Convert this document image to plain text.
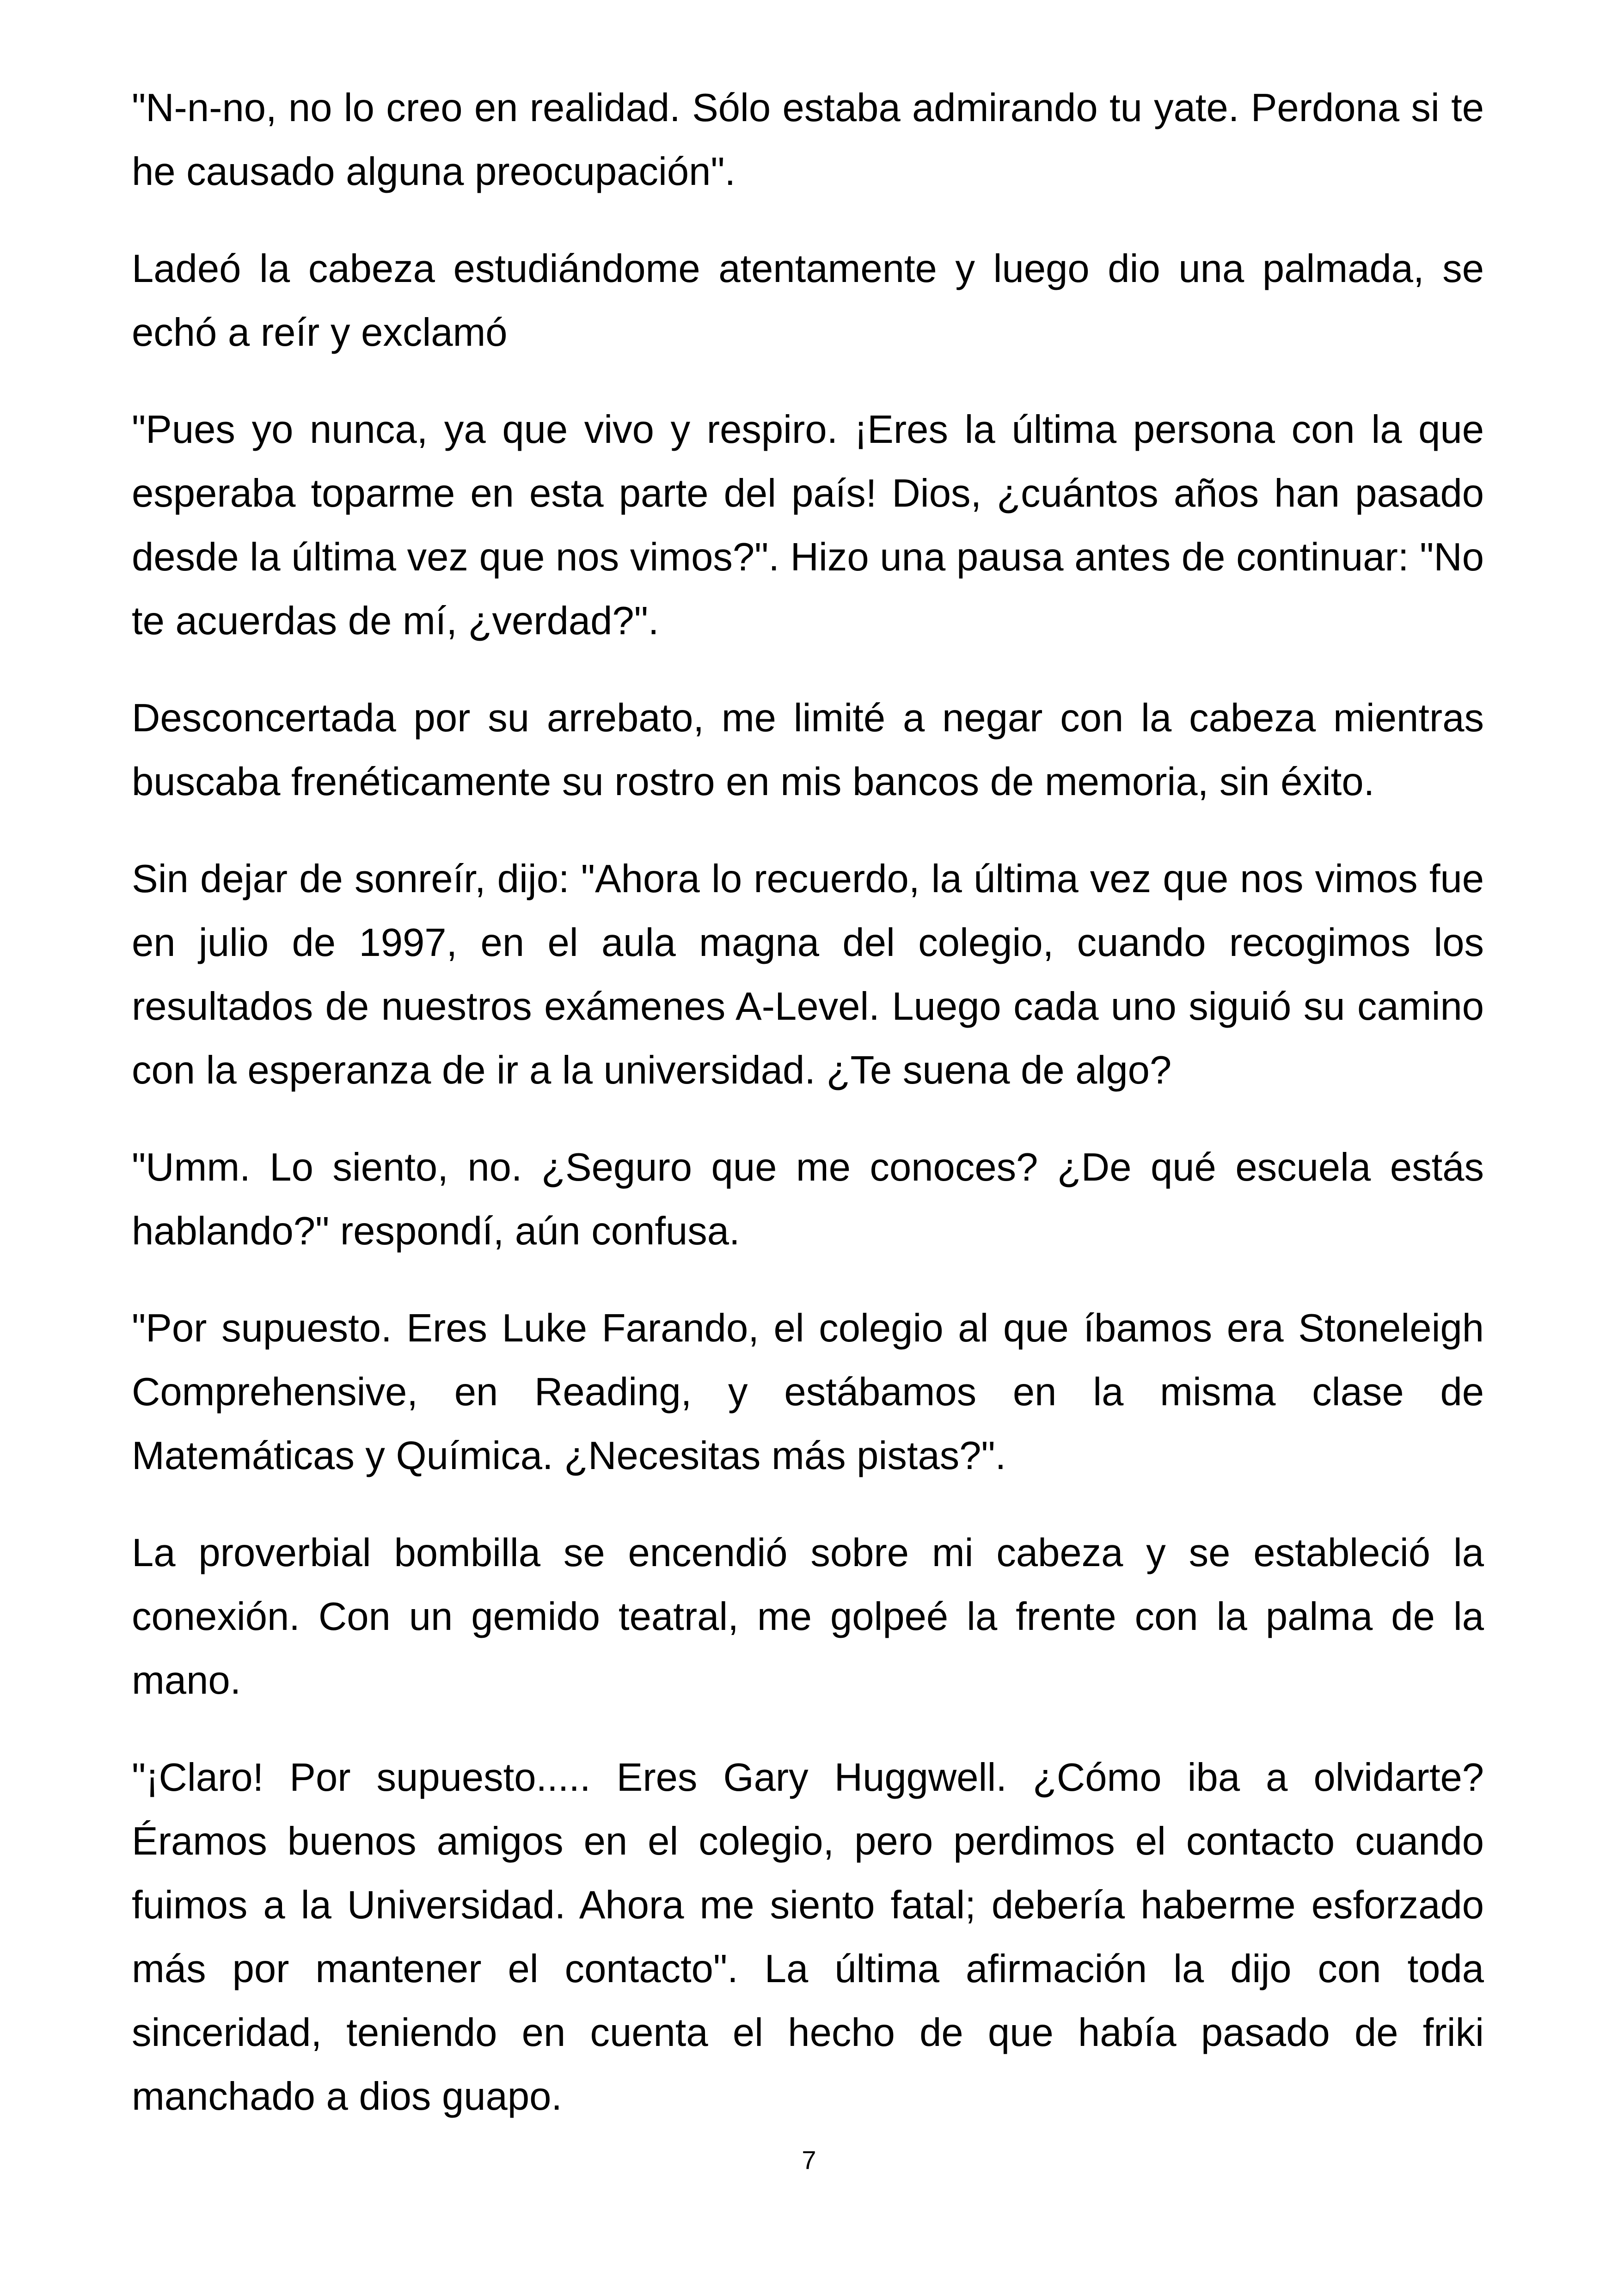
"N-n-no, no lo creo en realidad. Sólo estaba admirando tu yate. Perdona si te he causado alguna preocupación".

Ladeó la cabeza estudiándome atentamente y luego dio una palmada, se echó a reír y exclamó

"Pues yo nunca, ya que vivo y respiro. ¡Eres la última persona con la que esperaba toparme en esta parte del país! Dios, ¿cuántos años han pasado desde la última vez que nos vimos?". Hizo una pausa antes de continuar: "No te acuerdas de mí, ¿verdad?".

Desconcertada por su arrebato, me limité a negar con la cabeza mientras buscaba frenéticamente su rostro en mis bancos de memoria, sin éxito.

Sin dejar de sonreír, dijo: "Ahora lo recuerdo, la última vez que nos vimos fue en julio de 1997, en el aula magna del colegio, cuando recogimos los resultados de nuestros exámenes A-Level. Luego cada uno siguió su camino con la esperanza de ir a la universidad. ¿Te suena de algo?

"Umm. Lo siento, no. ¿Seguro que me conoces? ¿De qué escuela estás hablando?" respondí, aún confusa.

"Por supuesto. Eres Luke Farando, el colegio al que íbamos era Stoneleigh Comprehensive, en Reading, y estábamos en la misma clase de Matemáticas y Química. ¿Necesitas más pistas?".

La proverbial bombilla se encendió sobre mi cabeza y se estableció la conexión. Con un gemido teatral, me golpeé la frente con la palma de la mano.

"¡Claro! Por supuesto..... Eres Gary Huggwell. ¿Cómo iba a olvidarte? Éramos buenos amigos en el colegio, pero perdimos el contacto cuando fuimos a la Universidad. Ahora me siento fatal; debería haberme esforzado más por mantener el contacto". La última afirmación la dijo con toda sinceridad, teniendo en cuenta el hecho de que había pasado de friki manchado a dios guapo.

7
